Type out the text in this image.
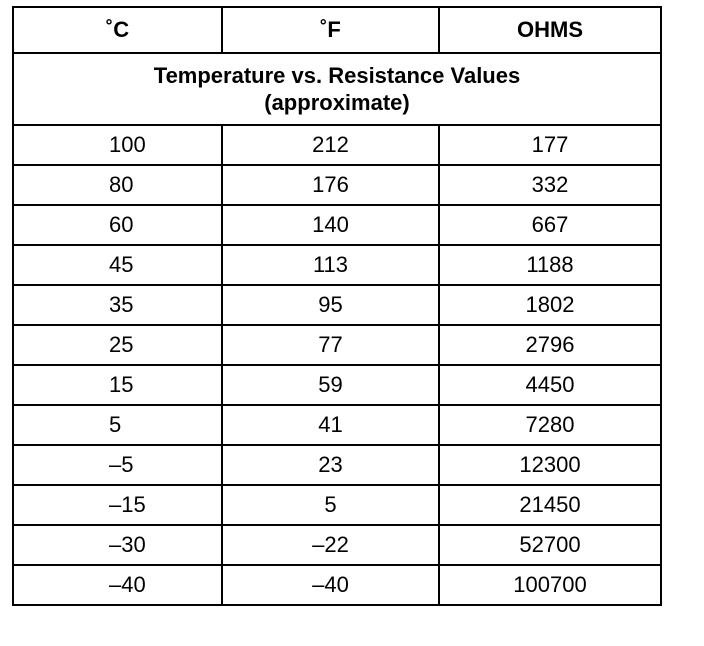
˚C	˚F	OHMS

Temperature vs. Resistance Values
(approximate)		

100	212	177
80	176	332
60	140	667
45	113	1188
35	95	1802
25	77	2796
15	59	4450
5	41	7280
–5	23	12300
–15	5	21450
–30	–22	52700
–40	–40	100700
